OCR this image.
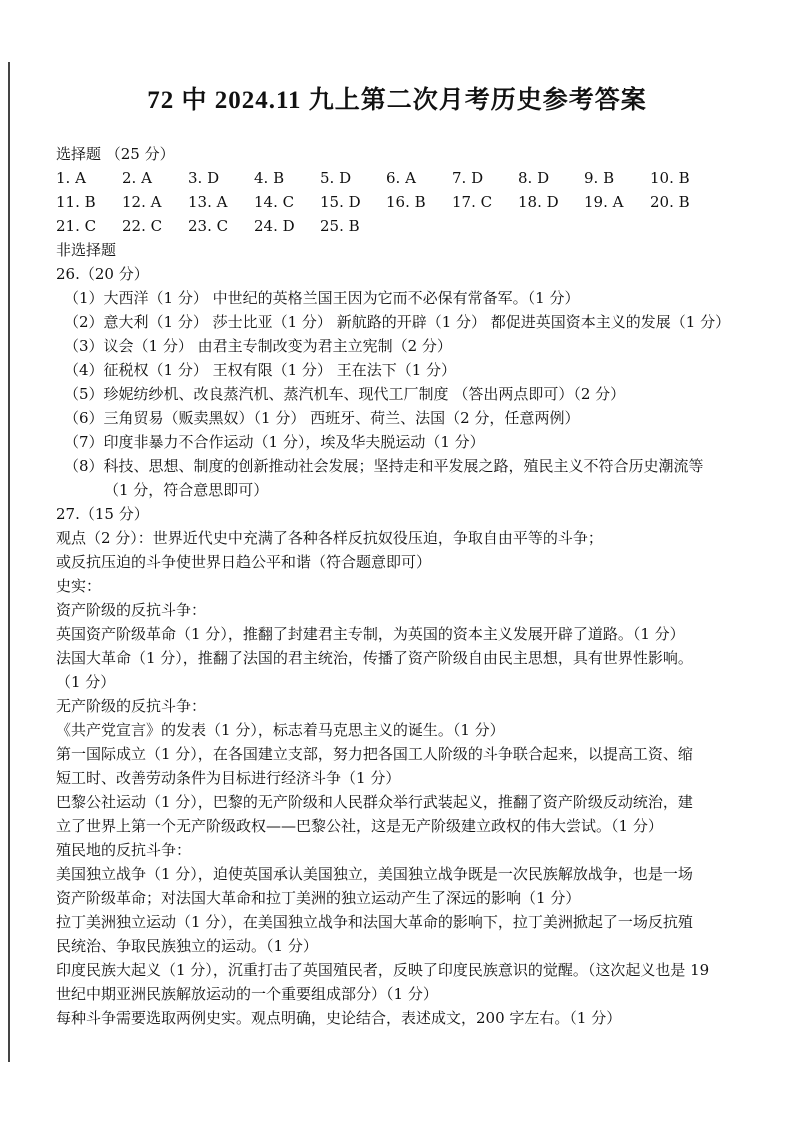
72 中 2024.11 九上第二次月考历史参考答案
选择题 （25 分）
1. A	2. A	3. D	4. B	5. D	6. A	7. D	8. D	9. B	10. B
11. B	12. A	13. A	14. C	15. D	16. B	17. C	18. D	19. A	20. B
21. C	22. C	23. C	24. D	25. B
非选择题
26.（20 分）
（1）大西洋（1 分） 中世纪的英格兰国王因为它而不必保有常备军。（1 分）
（2）意大利（1 分） 莎士比亚（1 分） 新航路的开辟（1 分） 都促进英国资本主义的发展（1 分）
（3）议会（1 分） 由君主专制改变为君主立宪制（2 分）
（4）征税权（1 分） 王权有限（1 分） 王在法下（1 分）
（5）珍妮纺纱机、改良蒸汽机、蒸汽机车、现代工厂制度 （答出两点即可）（2 分）
（6）三角贸易（贩卖黑奴）（1 分） 西班牙、荷兰、法国（2 分，任意两例）
（7）印度非暴力不合作运动（1 分），埃及华夫脱运动（1 分）
（8）科技、思想、制度的创新推动社会发展；坚持走和平发展之路，殖民主义不符合历史潮流等
（1 分，符合意思即可）
27.（15 分）
观点（2 分）：世界近代史中充满了各种各样反抗奴役压迫，争取自由平等的斗争；
或反抗压迫的斗争使世界日趋公平和谐（符合题意即可）
史实：
资产阶级的反抗斗争：
英国资产阶级革命（1 分），推翻了封建君主专制，为英国的资本主义发展开辟了道路。（1 分）
法国大革命（1 分），推翻了法国的君主统治，传播了资产阶级自由民主思想，具有世界性影响。
（1 分）
无产阶级的反抗斗争：
《共产党宣言》的发表（1 分），标志着马克思主义的诞生。（1 分）
第一国际成立（1 分），在各国建立支部，努力把各国工人阶级的斗争联合起来，以提高工资、缩
短工时、改善劳动条件为目标进行经济斗争（1 分）
巴黎公社运动（1 分），巴黎的无产阶级和人民群众举行武装起义，推翻了资产阶级反动统治，建
立了世界上第一个无产阶级政权——巴黎公社，这是无产阶级建立政权的伟大尝试。（1 分）
殖民地的反抗斗争：
美国独立战争（1 分），迫使英国承认美国独立，美国独立战争既是一次民族解放战争，也是一场
资产阶级革命；对法国大革命和拉丁美洲的独立运动产生了深远的影响（1 分）
拉丁美洲独立运动（1 分），在美国独立战争和法国大革命的影响下，拉丁美洲掀起了一场反抗殖
民统治、争取民族独立的运动。（1 分）
印度民族大起义（1 分），沉重打击了英国殖民者，反映了印度民族意识的觉醒。（这次起义也是 19
世纪中期亚洲民族解放运动的一个重要组成部分）（1 分）
每种斗争需要选取两例史实。观点明确，史论结合，表述成文，200 字左右。（1 分）
